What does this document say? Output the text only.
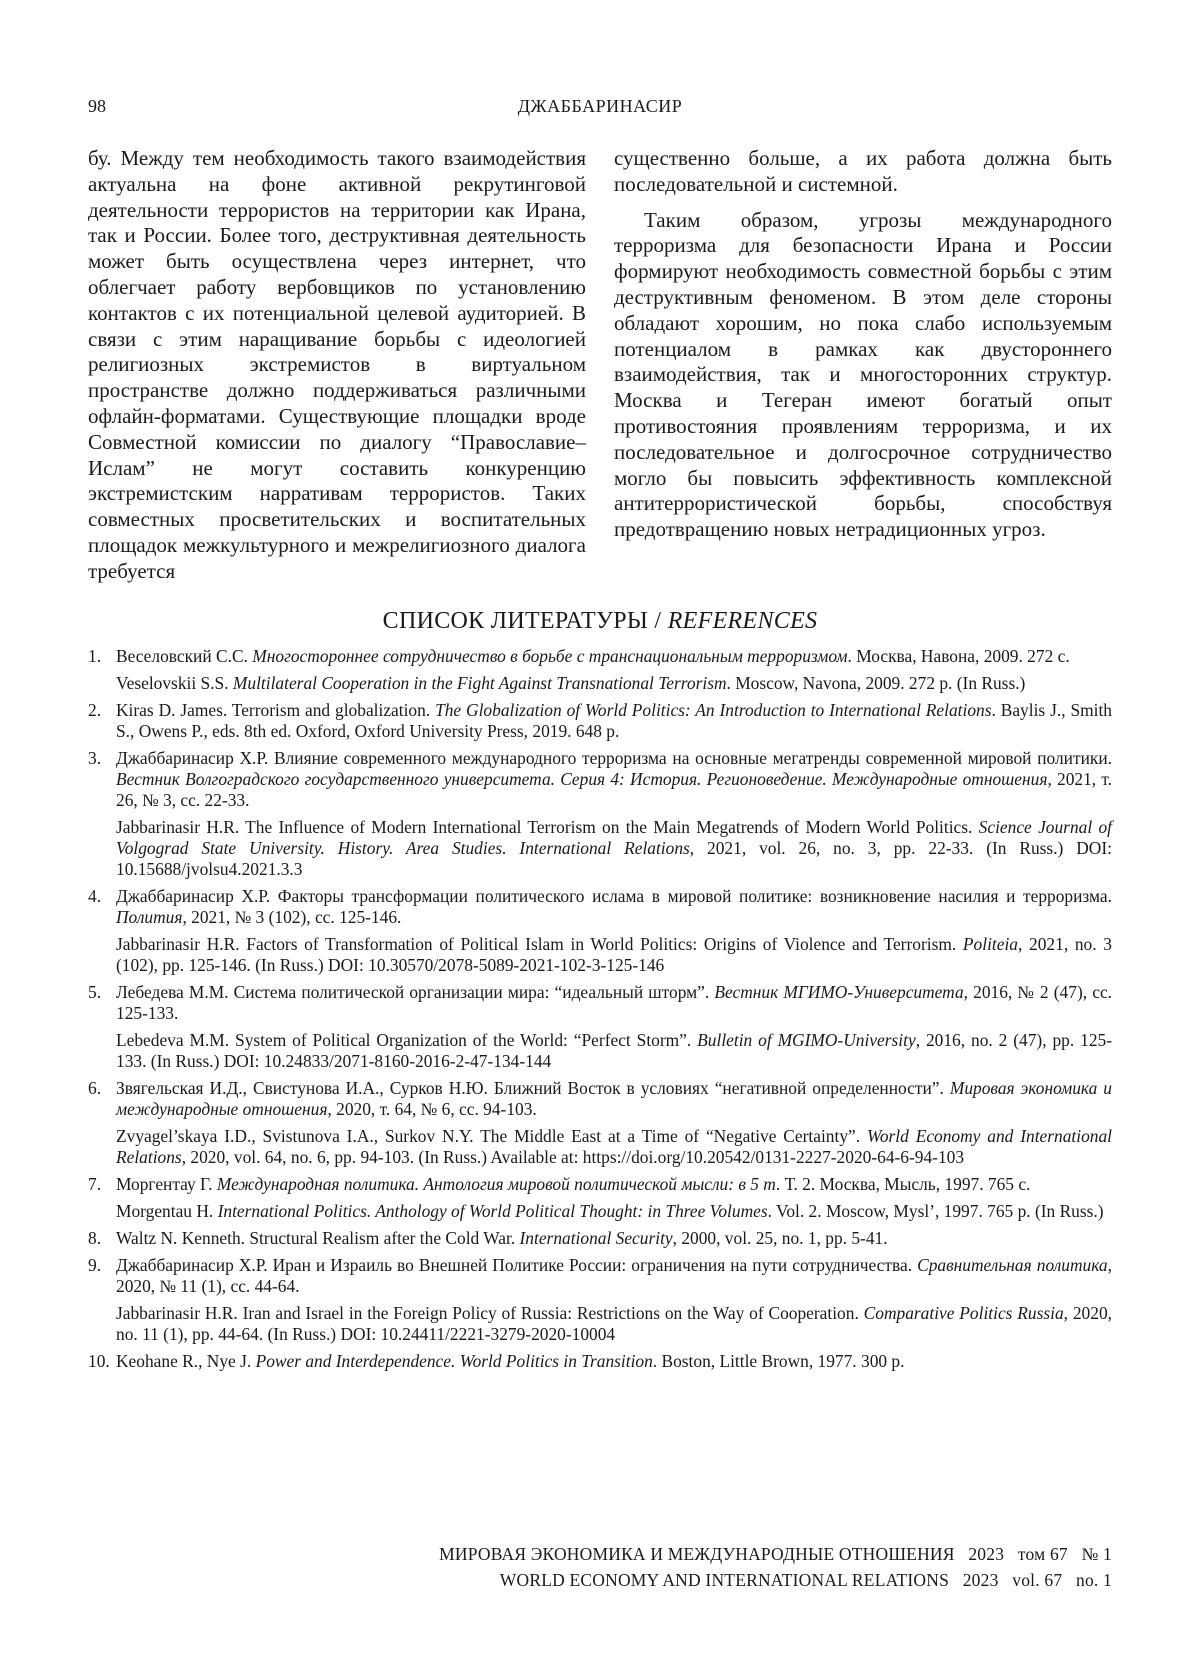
98	ДЖАББАРИНАСИР

бу. Между тем необходимость такого взаимодействия актуальна на фоне активной рекрутинговой деятельности террористов на территории как Ирана, так и России. Более того, деструктивная деятельность может быть осуществлена через интернет, что облегчает работу вербовщиков по установлению контактов с их потенциальной целевой аудиторией. В связи с этим наращивание борьбы с идеологией религиозных экстремистов в виртуальном пространстве должно поддерживаться различными офлайн-форматами. Существующие площадки вроде Совместной комиссии по диалогу “Православие–Ислам” не могут составить конкуренцию экстремистским нарративам террористов. Таких совместных просветительских и воспитательных площадок межкультурного и межрелигиозного диалога требуется

существенно больше, а их работа должна быть последовательной и системной.

Таким образом, угрозы международного терроризма для безопасности Ирана и России формируют необходимость совместной борьбы с этим деструктивным феноменом. В этом деле стороны обладают хорошим, но пока слабо используемым потенциалом в рамках как двустороннего взаимодействия, так и многосторонних структур. Москва и Тегеран имеют богатый опыт противостояния проявлениям терроризма, и их последовательное и долгосрочное сотрудничество могло бы повысить эффективность комплексной антитеррористической борьбы, способствуя предотвращению новых нетрадиционных угроз.

СПИСОК ЛИТЕРАТУРЫ / REFERENCES
1. Веселовский С.С. Многостороннее сотрудничество в борьбе с транснациональным терроризмом. Москва, Навона, 2009. 272 с.
Veselovskii S.S. Multilateral Cooperation in the Fight Against Transnational Terrorism. Moscow, Navona, 2009. 272 p. (In Russ.)
2. Kiras D. James. Terrorism and globalization. The Globalization of World Politics: An Introduction to International Relations. Baylis J., Smith S., Owens P., eds. 8th ed. Oxford, Oxford University Press, 2019. 648 p.
3. Джаббаринасир Х.Р. Влияние современного международного терроризма на основные мегатренды современной мировой политики. Вестник Волгоградского государственного университета. Серия 4: История. Регионоведение. Международные отношения, 2021, т. 26, № 3, сс. 22-33.
Jabbarinasir H.R. The Influence of Modern International Terrorism on the Main Megatrends of Modern World Politics. Science Journal of Volgograd State University. History. Area Studies. International Relations, 2021, vol. 26, no. 3, pp. 22-33. (In Russ.) DOI: 10.15688/jvolsu4.2021.3.3
4. Джаббаринасир Х.Р. Факторы трансформации политического ислама в мировой политике: возникновение насилия и терроризма. Полития, 2021, № 3 (102), сс. 125-146.
Jabbarinasir H.R. Factors of Transformation of Political Islam in World Politics: Origins of Violence and Terrorism. Politeia, 2021, no. 3 (102), pp. 125-146. (In Russ.) DOI: 10.30570/2078-5089-2021-102-3-125-146
5. Лебедева М.М. Система политической организации мира: “идеальный шторм”. Вестник МГИМО-Университета, 2016, № 2 (47), сс. 125-133.
Lebedeva M.M. System of Political Organization of the World: “Perfect Storm”. Bulletin of MGIMO-University, 2016, no. 2 (47), pp. 125-133. (In Russ.) DOI: 10.24833/2071-8160-2016-2-47-134-144
6. Звягельская И.Д., Свистунова И.А., Сурков Н.Ю. Ближний Восток в условиях “негативной определенности”. Мировая экономика и международные отношения, 2020, т. 64, № 6, сс. 94-103.
Zvyagel’skaya I.D., Svistunova I.A., Surkov N.Y. The Middle East at a Time of “Negative Certainty”. World Economy and International Relations, 2020, vol. 64, no. 6, pp. 94-103. (In Russ.) Available at: https://doi.org/10.20542/0131-2227-2020-64-6-94-103
7. Моргентау Г. Международная политика. Антология мировой политической мысли: в 5 т. Т. 2. Москва, Мысль, 1997. 765 с.
Morgentau H. International Politics. Anthology of World Political Thought: in Three Volumes. Vol. 2. Moscow, Mysl’, 1997. 765 p. (In Russ.)
8. Waltz N. Kenneth. Structural Realism after the Cold War. International Security, 2000, vol. 25, no. 1, pp. 5-41.
9. Джаббаринасир Х.Р. Иран и Израиль во Внешней Политике России: ограничения на пути сотрудничества. Сравнительная политика, 2020, № 11 (1), сс. 44-64.
Jabbarinasir H.R. Iran and Israel in the Foreign Policy of Russia: Restrictions on the Way of Cooperation. Comparative Politics Russia, 2020, no. 11 (1), pp. 44-64. (In Russ.) DOI: 10.24411/2221-3279-2020-10004
10. Keohane R., Nye J. Power and Interdependence. World Politics in Transition. Boston, Little Brown, 1977. 300 p.
МИРОВАЯ ЭКОНОМИКА И МЕЖДУНАРОДНЫЕ ОТНОШЕНИЯ   2023   том 67   № 1
WORLD ECONOMY AND INTERNATIONAL RELATIONS   2023   vol. 67   no. 1
